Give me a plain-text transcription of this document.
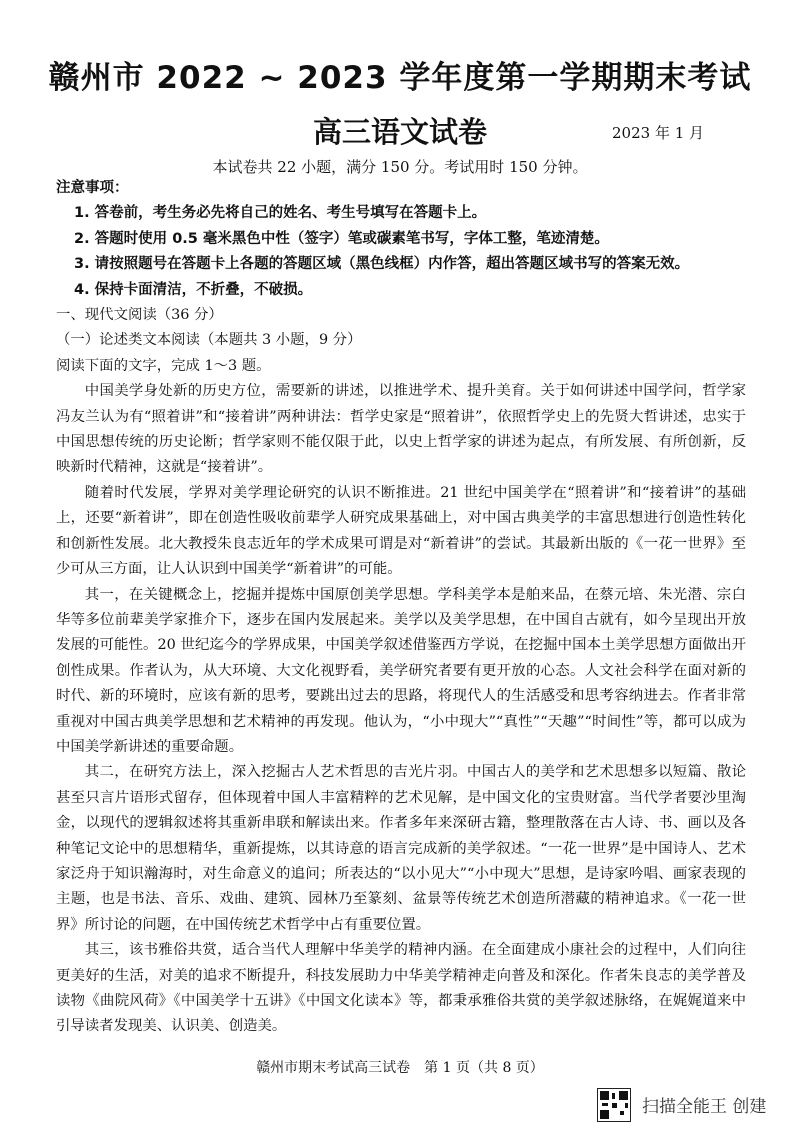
赣州市 2022 ~ 2023 学年度第一学期期末考试
高三语文试卷	2023 年 1 月
本试卷共 22 小题，满分 150 分。考试用时 150 分钟。
注意事项：
1. 答卷前，考生务必先将自己的姓名、考生号填写在答题卡上。
2. 答题时使用 0.5 毫米黑色中性（签字）笔或碳素笔书写，字体工整，笔迹清楚。
3. 请按照题号在答题卡上各题的答题区域（黑色线框）内作答，超出答题区域书写的答案无效。
4. 保持卡面清洁，不折叠，不破损。

一、现代文阅读（36 分）

（一）论述类文本阅读（本题共 3 小题，9 分）

阅读下面的文字，完成 1～3 题。

中国美学身处新的历史方位，需要新的讲述，以推进学术、提升美育。关于如何讲述中国学问，哲学家冯友兰认为有“照着讲”和“接着讲”两种讲法：哲学史家是“照着讲”，依照哲学史上的先贤大哲讲述，忠实于中国思想传统的历史论断；哲学家则不能仅限于此，以史上哲学家的讲述为起点，有所发展、有所创新，反映新时代精神，这就是“接着讲”。

随着时代发展，学界对美学理论研究的认识不断推进。21 世纪中国美学在“照着讲”和“接着讲”的基础上，还要“新着讲”，即在创造性吸收前辈学人研究成果基础上，对中国古典美学的丰富思想进行创造性转化和创新性发展。北大教授朱良志近年的学术成果可谓是对“新着讲”的尝试。其最新出版的《一花一世界》至少可从三方面，让人认识到中国美学“新着讲”的可能。

其一，在关键概念上，挖掘并提炼中国原创美学思想。学科美学本是舶来品，在蔡元培、朱光潜、宗白华等多位前辈美学家推介下，逐步在国内发展起来。美学以及美学思想，在中国自古就有，如今呈现出开放发展的可能性。20 世纪迄今的学界成果，中国美学叙述借鉴西方学说，在挖掘中国本土美学思想方面做出开创性成果。作者认为，从大环境、大文化视野看，美学研究者要有更开放的心态。人文社会科学在面对新的时代、新的环境时，应该有新的思考，要跳出过去的思路，将现代人的生活感受和思考容纳进去。作者非常重视对中国古典美学思想和艺术精神的再发现。他认为，“小中现大”“真性”“天趣”“时间性”等，都可以成为中国美学新讲述的重要命题。

其二，在研究方法上，深入挖掘古人艺术哲思的吉光片羽。中国古人的美学和艺术思想多以短篇、散论甚至只言片语形式留存，但体现着中国人丰富精粹的艺术见解，是中国文化的宝贵财富。当代学者要沙里淘金，以现代的逻辑叙述将其重新串联和解读出来。作者多年来深研古籍，整理散落在古人诗、书、画以及各种笔记文论中的思想精华，重新提炼，以其诗意的语言完成新的美学叙述。“一花一世界”是中国诗人、艺术家泛舟于知识瀚海时，对生命意义的追问；所表达的“以小见大”“小中现大”思想，是诗家吟唱、画家表现的主题，也是书法、音乐、戏曲、建筑、园林乃至篆刻、盆景等传统艺术创造所潜藏的精神追求。《一花一世界》所讨论的问题，在中国传统艺术哲学中占有重要位置。

其三，该书雅俗共赏，适合当代人理解中华美学的精神内涵。在全面建成小康社会的过程中，人们向往更美好的生活，对美的追求不断提升，科技发展助力中华美学精神走向普及和深化。作者朱良志的美学普及读物《曲院风荷》《中国美学十五讲》《中国文化读本》等，都秉承雅俗共赏的美学叙述脉络，在娓娓道来中引导读者发现美、认识美、创造美。

赣州市期末考试高三试卷　第 1 页（共 8 页）
扫描全能王 创建
